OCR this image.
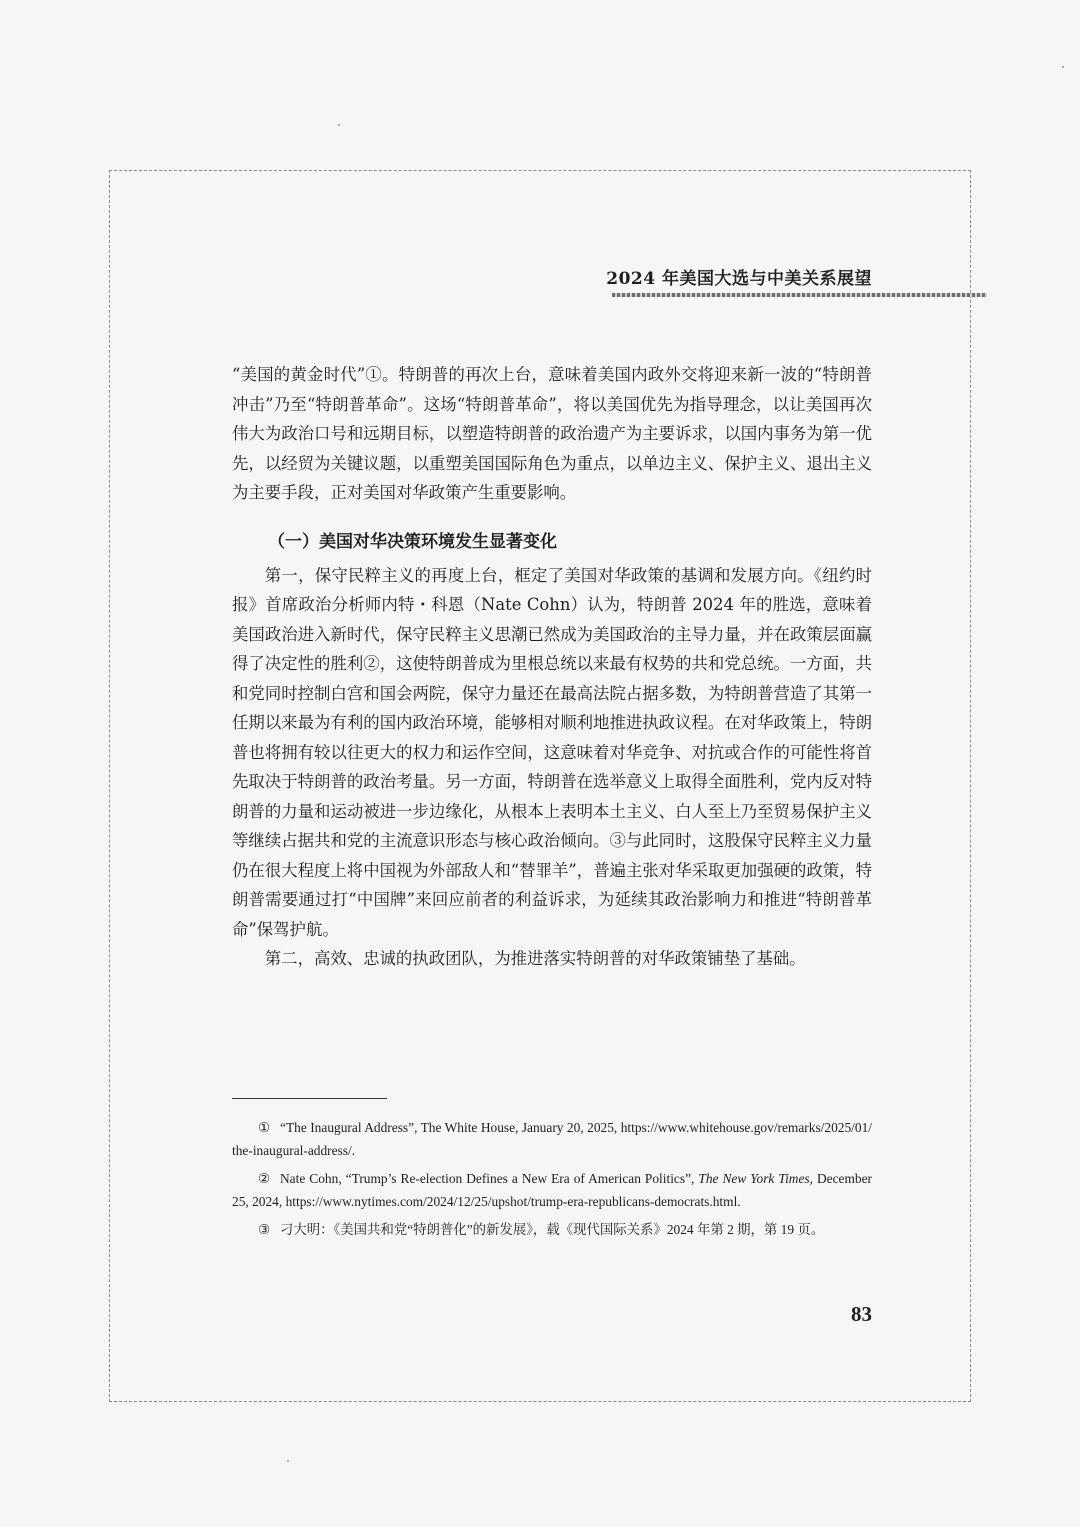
2024 年美国大选与中美关系展望

“美国的黄金时代”①。特朗普的再次上台，意味着美国内政外交将迎来新一波的“特朗普冲击”乃至“特朗普革命”。这场“特朗普革命”，将以美国优先为指导理念，以让美国再次伟大为政治口号和远期目标，以塑造特朗普的政治遗产为主要诉求，以国内事务为第一优先，以经贸为关键议题，以重塑美国国际角色为重点，以单边主义、保护主义、退出主义为主要手段，正对美国对华政策产生重要影响。

（一）美国对华决策环境发生显著变化

第一，保守民粹主义的再度上台，框定了美国对华政策的基调和发展方向。《纽约时报》首席政治分析师内特・科恩（Nate Cohn）认为，特朗普 2024 年的胜选，意味着美国政治进入新时代，保守民粹主义思潮已然成为美国政治的主导力量，并在政策层面赢得了决定性的胜利②，这使特朗普成为里根总统以来最有权势的共和党总统。一方面，共和党同时控制白宫和国会两院，保守力量还在最高法院占据多数，为特朗普营造了其第一任期以来最为有利的国内政治环境，能够相对顺利地推进执政议程。在对华政策上，特朗普也将拥有较以往更大的权力和运作空间，这意味着对华竞争、对抗或合作的可能性将首先取决于特朗普的政治考量。另一方面，特朗普在选举意义上取得全面胜利，党内反对特朗普的力量和运动被进一步边缘化，从根本上表明本土主义、白人至上乃至贸易保护主义等继续占据共和党的主流意识形态与核心政治倾向。③与此同时，这股保守民粹主义力量仍在很大程度上将中国视为外部敌人和“替罪羊”，普遍主张对华采取更加强硬的政策，特朗普需要通过打“中国牌”来回应前者的利益诉求，为延续其政治影响力和推进“特朗普革命”保驾护航。

第二，高效、忠诚的执政团队，为推进落实特朗普的对华政策铺垫了基础。

① “The Inaugural Address”, The White House, January 20, 2025, https://www.whitehouse.gov/remarks/2025/01/the-inaugural-address/.

② Nate Cohn, “Trump’s Re-election Defines a New Era of American Politics”, The New York Times, December 25, 2024, https://www.nytimes.com/2024/12/25/upshot/trump-era-republicans-democrats.html.

③ 刁大明：《美国共和党“特朗普化”的新发展》，载《现代国际关系》2024 年第 2 期，第 19 页。

83
